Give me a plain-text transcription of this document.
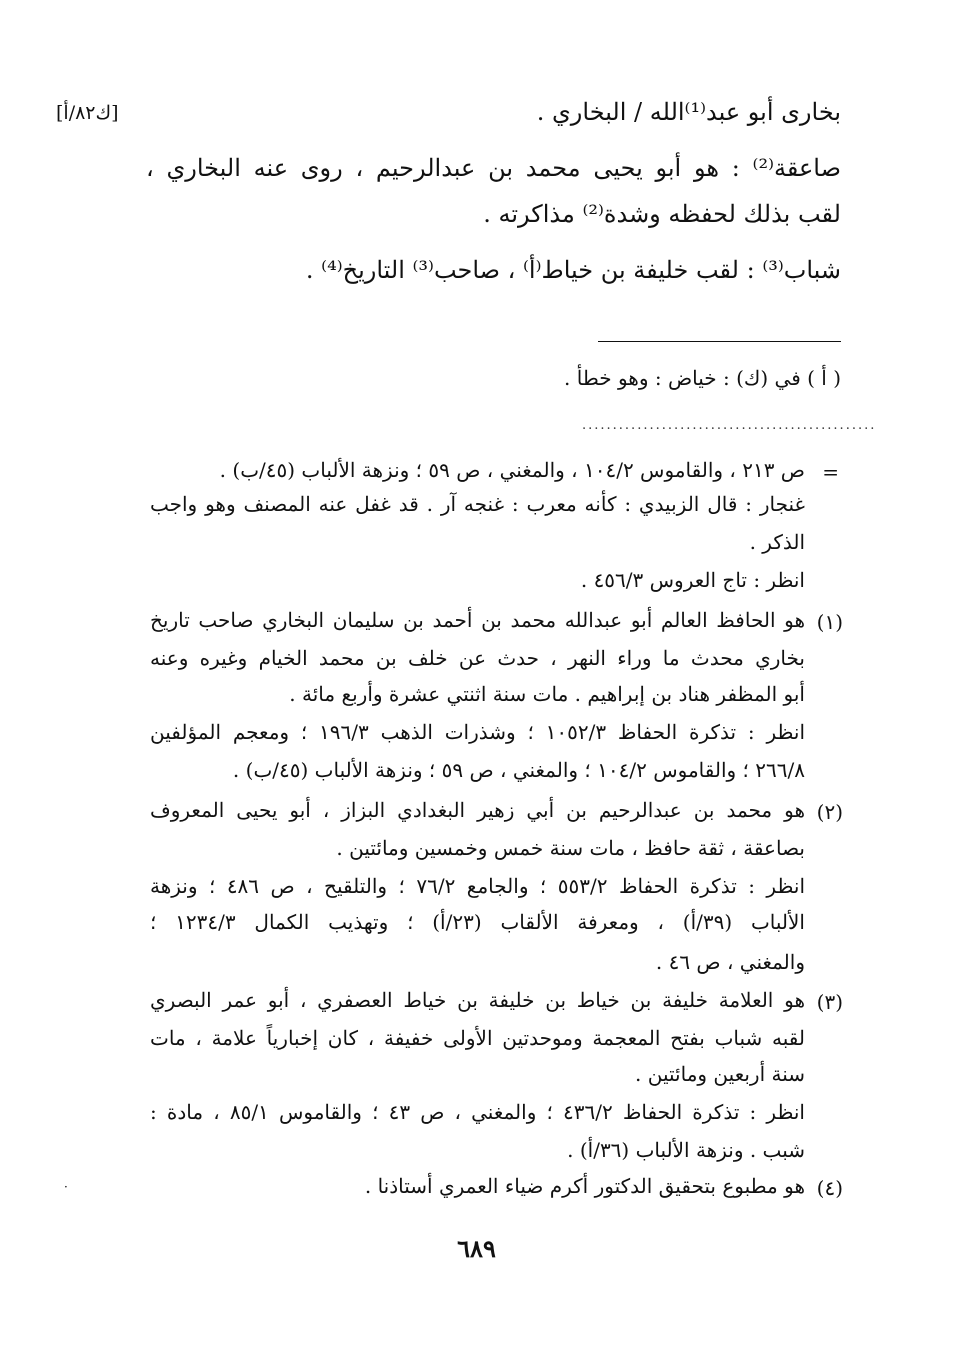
بخارى أبو عبد⁽¹⁾الله / البخاري .
[ك٨٢/أ]
صاعقة⁽²⁾ : هو أبو يحيى محمد بن عبدالرحيم ، روى عنه البخاري ،
لقب بذلك لحفظه وشدة⁽²⁾ مذاكرته .
شباب⁽³⁾ : لقب خليفة بن خياط⁽أ⁾ ، صاحب⁽³⁾ التاريخ⁽⁴⁾ .
( أ ) في (ك) : خياض : وهو خطأ .
................................................
=
ص ٢١٣ ، والقاموس ١٠٤/٢ ، والمغني ، ص ٥٩ ؛ ونزهة الألباب (٤٥/ب) .
غنجار : قال الزبيدي : كأنه معرب : غنجه آر . قد غفل عنه المصنف وهو واجب
الذكر .
انظر : تاج العروس ٤٥٦/٣ .
(١)
هو الحافظ العالم أبو عبدالله محمد بن أحمد بن سليمان البخاري صاحب تاريخ
بخاري محدث ما وراء النهر ، حدث عن خلف بن محمد الخيام وغيره وعنه
أبو المظفر هناد بن إبراهيم . مات سنة اثنتي عشرة وأربع مائة .
انظر : تذكرة الحفاظ ١٠٥٢/٣ ؛ وشذرات الذهب ١٩٦/٣ ؛ ومعجم المؤلفين
٢٦٦/٨ ؛ والقاموس ١٠٤/٢ ؛ والمغني ، ص ٥٩ ؛ ونزهة الألباب (٤٥/ب) .
(٢)
هو محمد بن عبدالرحيم بن أبي زهير البغدادي البزاز ، أبو يحيى المعروف
بصاعقة ، ثقة حافظ ، مات سنة خمس وخمسين ومائتين .
انظر : تذكرة الحفاظ ٥٥٣/٢ ؛ والجامع ٧٦/٢ ؛ والتلقيح ، ص ٤٨٦ ؛ ونزهة
الألباب (٣٩/أ) ، ومعرفة الألقاب (٢٣/أ) ؛ وتهذيب الكمال ١٢٣٤/٣ ؛
والمغني ، ص ٤٦ .
(٣)
هو العلامة خليفة بن خياط بن خليفة بن خياط العصفري ، أبو عمر البصري
لقبه شباب بفتح المعجمة وموحدتين الأولى خفيفة ، كان إخبارياً علامة ، مات
سنة أربعين ومائتين .
انظر : تذكرة الحفاظ ٤٣٦/٢ ؛ والمغني ، ص ٤٣ ؛ والقاموس ٨٥/١ ، مادة :
شبب . ونزهة الألباب (٣٦/أ) .
(٤)
هو مطبوع بتحقيق الدكتور أكرم ضياء العمري أستاذنا .
٦٨٩
·
